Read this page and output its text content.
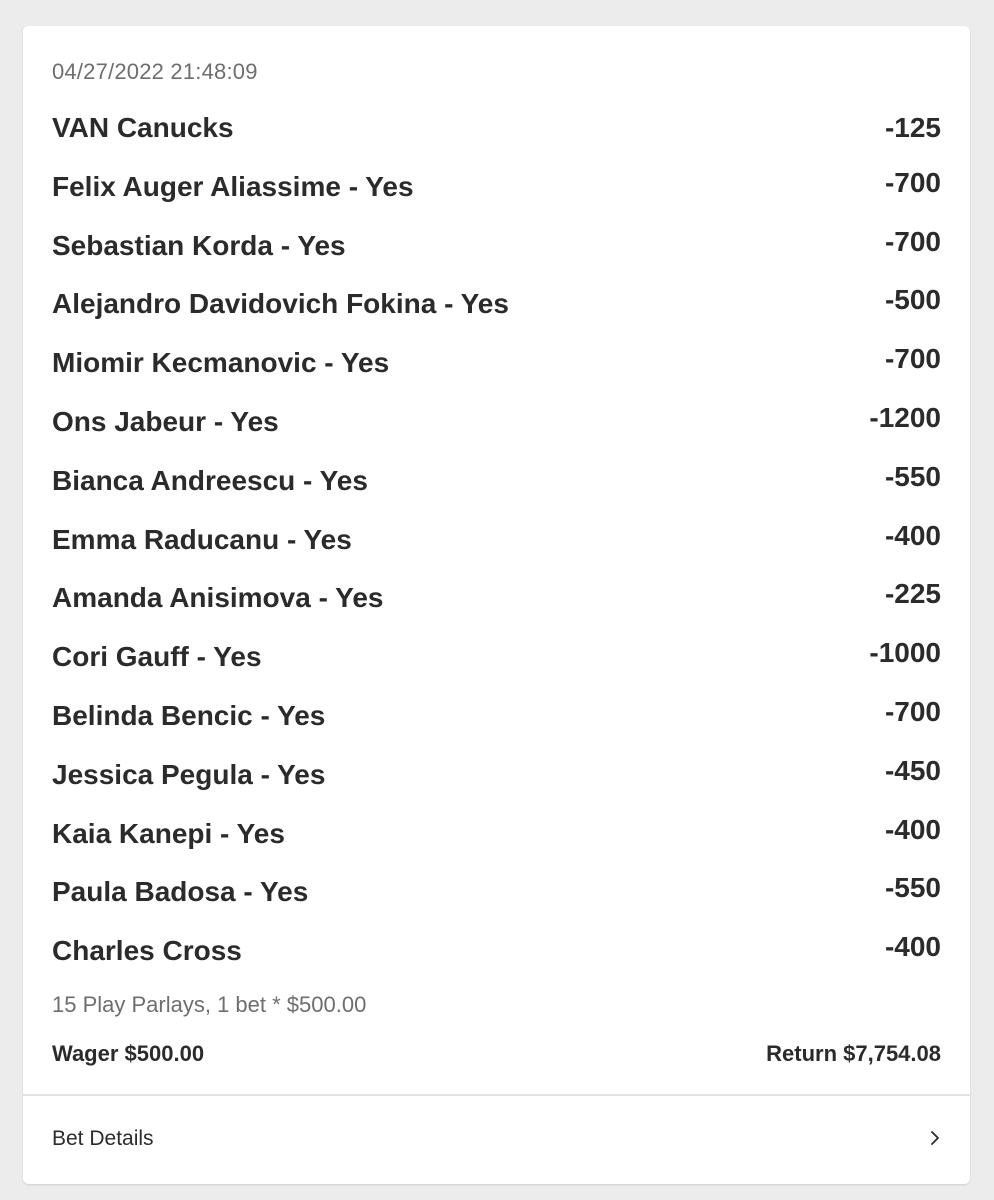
04/27/2022 21:48:09
VAN Canucks	-125
Felix Auger Aliassime - Yes	-700
Sebastian Korda - Yes	-700
Alejandro Davidovich Fokina - Yes	-500
Miomir Kecmanovic - Yes	-700
Ons Jabeur - Yes	-1200
Bianca Andreescu - Yes	-550
Emma Raducanu - Yes	-400
Amanda Anisimova - Yes	-225
Cori Gauff - Yes	-1000
Belinda Bencic - Yes	-700
Jessica Pegula - Yes	-450
Kaia Kanepi - Yes	-400
Paula Badosa - Yes	-550
Charles Cross	-400
15 Play Parlays, 1 bet * $500.00
Wager $500.00	Return $7,754.08
Bet Details
